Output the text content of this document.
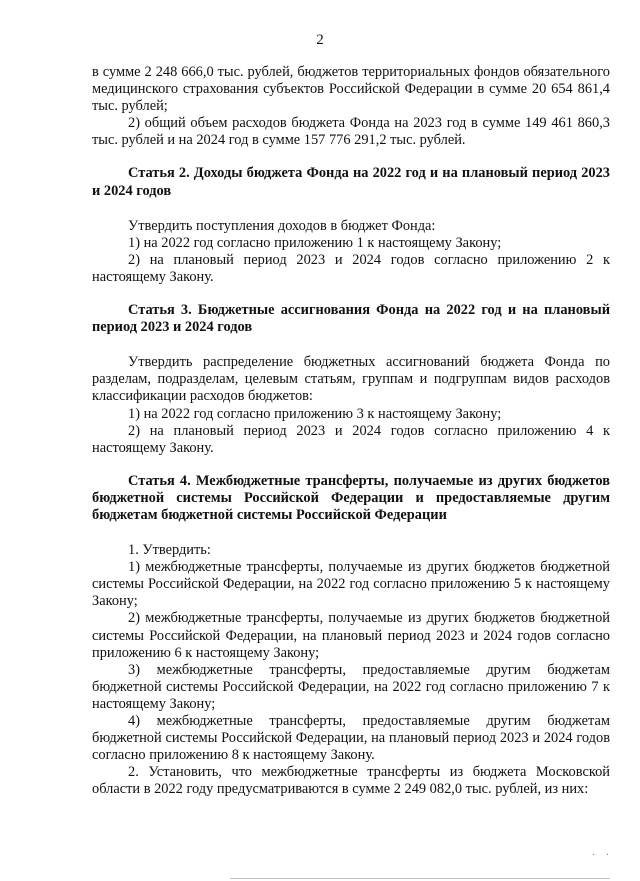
2

в сумме 2 248 666,0 тыс. рублей, бюджетов территориальных фондов обязательного медицинского страхования субъектов Российской Федерации в сумме 20 654 861,4 тыс. рублей;

2) общий объем расходов бюджета Фонда на 2023 год в сумме 149 461 860,3 тыс. рублей и на 2024 год в сумме 157 776 291,2 тыс. рублей.

Статья 2. Доходы бюджета Фонда на 2022 год и на плановый период 2023 и 2024 годов

Утвердить поступления доходов в бюджет Фонда:

1) на 2022 год согласно приложению 1 к настоящему Закону;

2) на плановый период 2023 и 2024 годов согласно приложению 2 к настоящему Закону.

Статья 3. Бюджетные ассигнования Фонда на 2022 год и на плановый период 2023 и 2024 годов

Утвердить распределение бюджетных ассигнований бюджета Фонда по разделам, подразделам, целевым статьям, группам и подгруппам видов расходов классификации расходов бюджетов:

1) на 2022 год согласно приложению 3 к настоящему Закону;

2) на плановый период 2023 и 2024 годов согласно приложению 4 к настоящему Закону.

Статья 4. Межбюджетные трансферты, получаемые из других бюджетов бюджетной системы Российской Федерации и предоставляемые другим бюджетам бюджетной системы Российской Федерации

1. Утвердить:

1) межбюджетные трансферты, получаемые из других бюджетов бюджетной системы Российской Федерации, на 2022 год согласно приложению 5 к настоящему Закону;

2) межбюджетные трансферты, получаемые из других бюджетов бюджетной системы Российской Федерации, на плановый период 2023 и 2024 годов согласно приложению 6 к настоящему Закону;

3) межбюджетные трансферты, предоставляемые другим бюджетам бюджетной системы Российской Федерации, на 2022 год согласно приложению 7 к настоящему Закону;

4) межбюджетные трансферты, предоставляемые другим бюджетам бюджетной системы Российской Федерации, на плановый период 2023 и 2024 годов согласно приложению 8 к настоящему Закону.

2. Установить, что межбюджетные трансферты из бюджета Московской области в 2022 году предусматриваются в сумме 2 249 082,0 тыс. рублей, из них:

· ·
